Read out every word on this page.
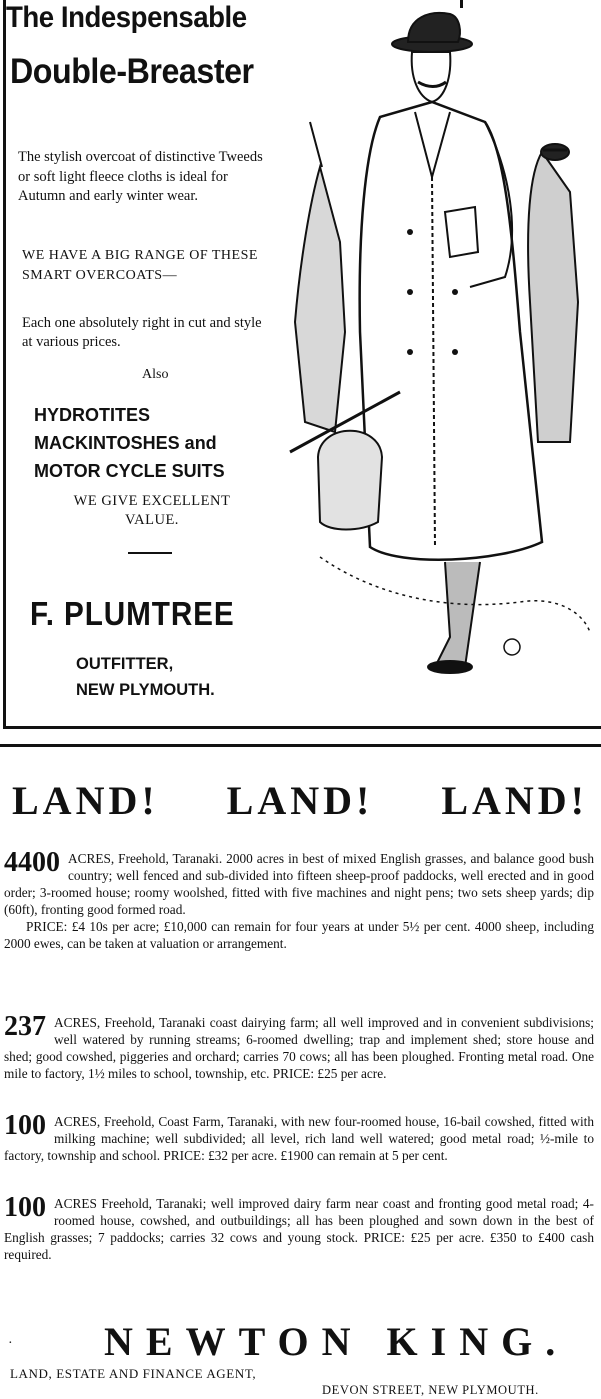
The Indespensable
Double-Breaster
The stylish overcoat of distinctive Tweeds or soft light fleece cloths is ideal for Autumn and early winter wear.
WE HAVE A BIG RANGE OF THESE SMART OVERCOATS—
Each one absolutely right in cut and style at various prices.
Also
HYDROTITES
MACKINTOSHES and
MOTOR CYCLE SUITS
WE GIVE EXCELLENT VALUE.
F. PLUMTREE
OUTFITTER,
NEW PLYMOUTH.
LAND! LAND! LAND!
4400 ACRES, Freehold, Taranaki. 2000 acres in best of mixed English grasses, and balance good bush country; well fenced and sub-divided into fifteen sheep-proof paddocks, well erected and in good order; 3-roomed house; roomy woolshed, fitted with five machines and night pens; two sets sheep yards; dip (60ft), fronting good formed road.
PRICE: £4 10s per acre; £10,000 can remain for four years at under 5½ per cent. 4000 sheep, including 2000 ewes, can be taken at valuation or arrangement.
237 ACRES, Freehold, Taranaki coast dairying farm; all well improved and in convenient subdivisions; well watered by running streams; 6-roomed dwelling; trap and implement shed; store house and shed; good cowshed, piggeries and orchard; carries 70 cows; all has been ploughed. Fronting metal road. One mile to factory, 1½ miles to school, township, etc. PRICE: £25 per acre.
100 ACRES, Freehold, Coast Farm, Taranaki, with new four-roomed house, 16-bail cowshed, fitted with milking machine; well subdivided; all level, rich land well watered; good metal road; ½-mile to factory, township and school. PRICE: £32 per acre. £1900 can remain at 5 per cent.
100 ACRES Freehold, Taranaki; well improved dairy farm near coast and fronting good metal road; 4-roomed house, cowshed, and outbuildings; all has been ploughed and sown down in the best of English grasses; 7 paddocks; carries 32 cows and young stock. PRICE: £25 per acre. £350 to £400 cash required.
· NEWTON KING.
LAND, ESTATE AND FINANCE AGENT,
DEVON STREET, NEW PLYMOUTH.
